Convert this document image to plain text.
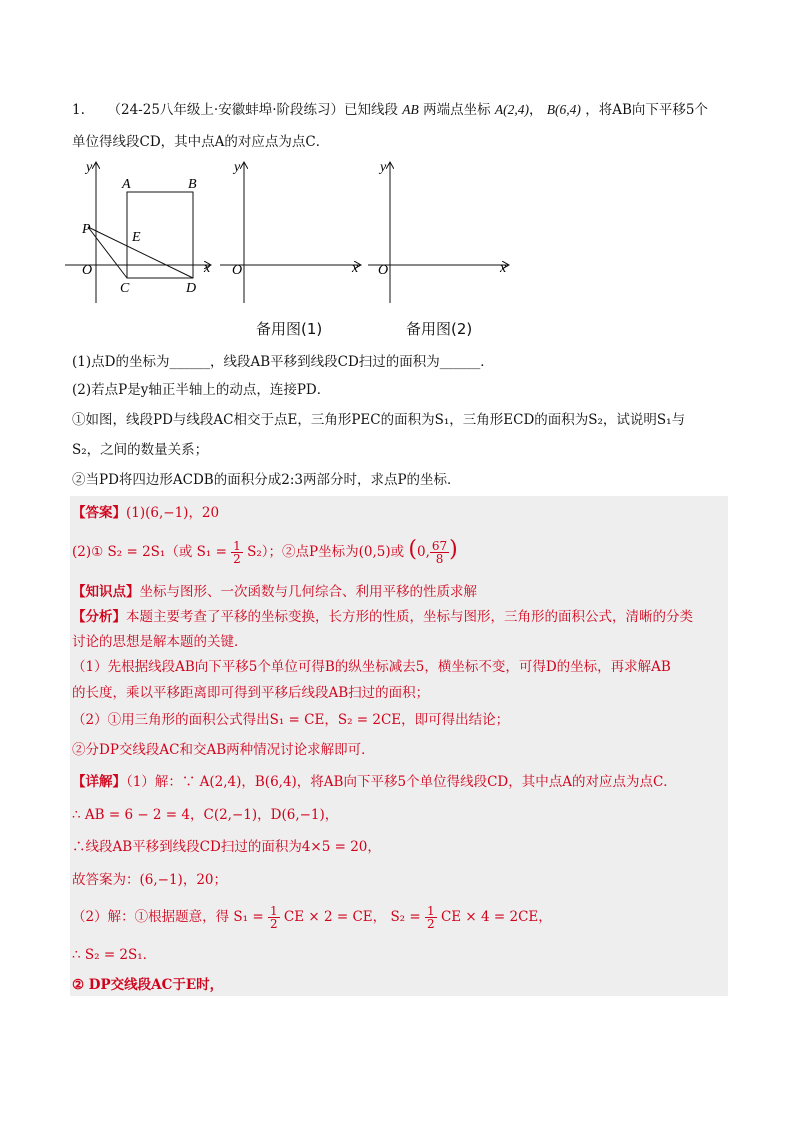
1. （24-25八年级上·安徽蚌埠·阶段练习）已知线段 AB 两端点坐标 A(2,4)， B(6,4) ，将AB向下平移5个
单位得线段CD，其中点A的对应点为点C．
y
x
O
A	B
C	D
E
P
y
x
O
y
x
O
备用图(1)	备用图(2)
(1)点D的坐标为______，线段AB平移到线段CD扫过的面积为______．
(2)若点P是y轴正半轴上的动点，连接PD．
①如图，线段PD与线段AC相交于点E，三角形PEC的面积为S₁，三角形ECD的面积为S₂，试说明S₁与
S₂，之间的数量关系；
②当PD将四边形ACDB的面积分成2:3两部分时，求点P的坐标．
【答案】(1)(6,−1)，20
(2)① S₂ = 2S₁（或 $S_1 = \frac{1}{2} S_2$）；②点P坐标为(0,5)或 (0, $\frac{67}{8}$ )
【知识点】坐标与图形、一次函数与几何综合、利用平移的性质求解
【分析】本题主要考查了平移的坐标变换，长方形的性质，坐标与图形，三角形的面积公式，清晰的分类
讨论的思想是解本题的关键．
（1）先根据线段AB向下平移5个单位可得B的纵坐标减去5，横坐标不变，可得D的坐标，再求解AB
的长度，乘以平移距离即可得到平移后线段AB扫过的面积；
（2）①用三角形的面积公式得出S₁ = CE，S₂ = 2CE，即可得出结论；
②分DP交线段AC和交AB两种情况讨论求解即可．
【详解】（1）解：∵ A(2,4)，B(6,4)，将AB向下平移5个单位得线段CD，其中点A的对应点为点C．
∴ AB = 6 − 2 = 4，C(2,−1)，D(6,−1)，
∴线段AB平移到线段CD扫过的面积为4×5 = 20，
故答案为：(6,−1)，20；
（2）解：①根据题意，得 $S_1 = \frac{1}{2}$ CE × 2 = CE， $S_2 = \frac{1}{2}$ CE × 4 = 2CE，
∴ S₂ = 2S₁．
② DP交线段AC于E时，
